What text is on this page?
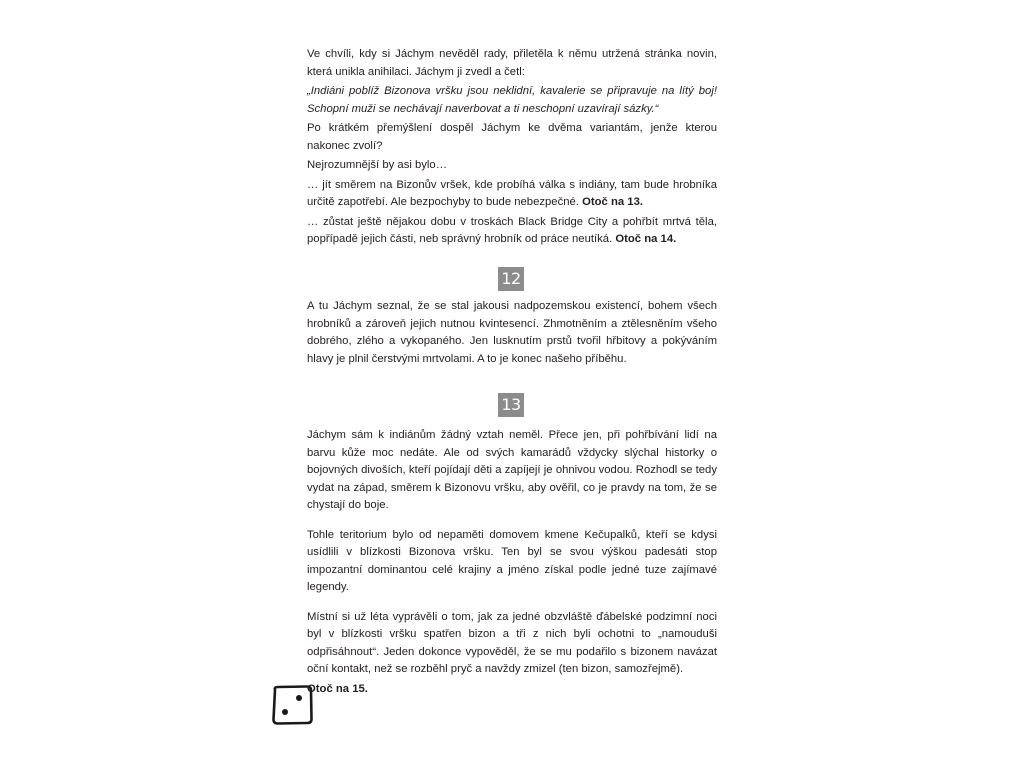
Ve chvíli, kdy si Jáchym nevěděl rady, přiletěla k němu utržená stránka novin, která unikla anihilaci. Jáchym ji zvedl a četl:

„Indiáni poblíž Bizonova vršku jsou neklidní, kavalerie se připravuje na lítý boj! Schopní muži se nechávají naverbovat a ti neschopní uzavírají sázky.“

Po krátkém přemýšlení dospěl Jáchym ke dvěma variantám, jenže kterou nakonec zvolí?

Nejrozumnější by asi bylo…

… jít směrem na Bizonův vršek, kde probíhá válka s indiány, tam bude hrobníka určitě zapotřebí. Ale bezpochyby to bude nebezpečné. Otoč na 13.

… zůstat ještě nějakou dobu v troskách Black Bridge City a pohřbít mrtvá těla, popřípadě jejich části, neb správný hrobník od práce neutíká. Otoč na 14.

12

A tu Jáchym seznal, že se stal jakousi nadpozemskou existencí, bohem všech hrobníků a zároveň jejich nutnou kvintesencí. Zhmotněním a ztělesněním všeho dobrého, zlého a vykopaného. Jen lusknutím prstů tvořil hřbitovy a pokýváním hlavy je plnil čerstvými mrtvolami. A to je konec našeho příběhu.

13

Jáchym sám k indiánům žádný vztah neměl. Přece jen, při pohřbívání lidí na barvu kůže moc nedáte. Ale od svých kamarádů vždycky slýchal historky o bojovných divoších, kteří pojídají děti a zapíjejí je ohnivou vodou. Rozhodl se tedy vydat na západ, směrem k Bizonovu vršku, aby ověřil, co je pravdy na tom, že se chystají do boje.

Tohle teritorium bylo od nepaměti domovem kmene Kečupalků, kteří se kdysi usídlili v blízkosti Bizonova vršku. Ten byl se svou výškou padesáti stop impozantní dominantou celé krajiny a jméno získal podle jedné tuze zajímavé legendy.

Místní si už léta vyprávěli o tom, jak za jedné obzvláště ďábelské podzimní noci byl v blízkosti vršku spatřen bizon a tři z nich byli ochotni to „namouduši odpřisáhnout“. Jeden dokonce vypověděl, že se mu podařilo s bizonem navázat oční kontakt, než se rozběhl pryč a navždy zmizel (ten bizon, samozřejmě).

Otoč na 15.
